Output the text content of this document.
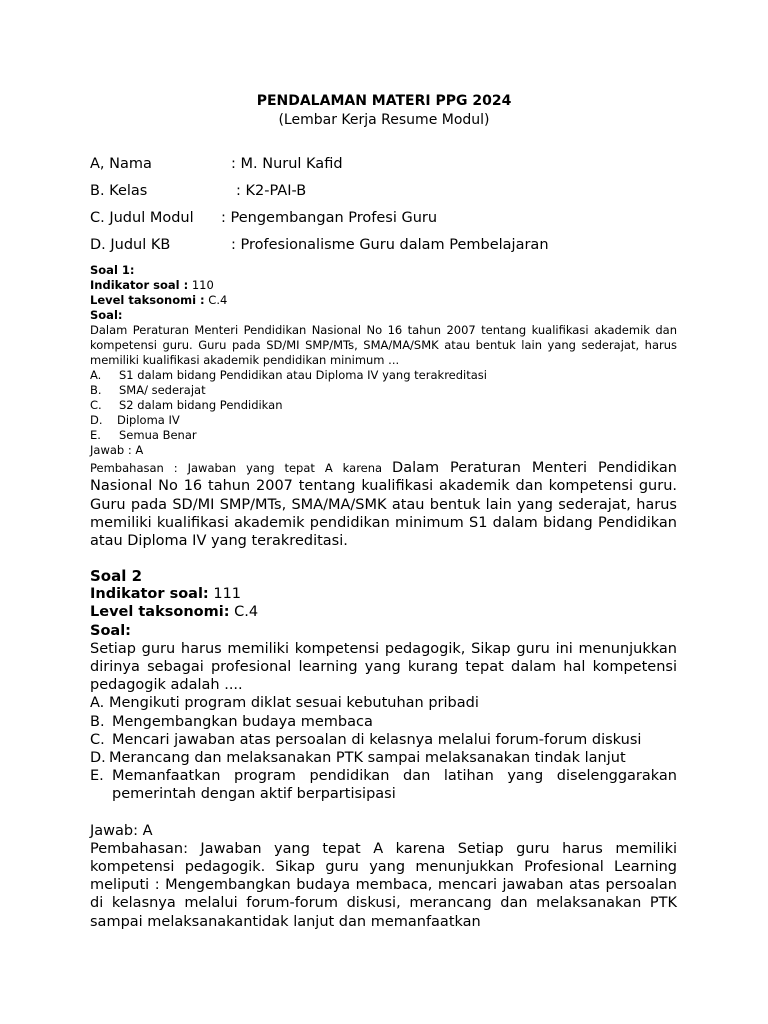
PENDALAMAN MATERI PPG 2024
(Lembar Kerja Resume Modul)
A, Nama	: M. Nurul Kafid
B. Kelas	: K2-PAI-B
C. Judul Modul : Pengembangan Profesi Guru
D. Judul KB	: Profesionalisme Guru dalam Pembelajaran
Soal 1:
Indikator soal : 110
Level taksonomi : C.4
Soal:
Dalam Peraturan Menteri Pendidikan Nasional No 16 tahun 2007 tentang kualifikasi akademik dan kompetensi guru. Guru pada SD/MI SMP/MTs, SMA/MA/SMK atau bentuk lain yang sederajat, harus memiliki kualifikasi akademik pendidikan minimum ...
A. S1 dalam bidang Pendidikan atau Diploma IV yang terakreditasi
B. SMA/ sederajat
C. S2 dalam bidang Pendidikan
D. Diploma IV
E. Semua Benar
Jawab : A
Pembahasan : Jawaban yang tepat A karena Dalam Peraturan Menteri Pendidikan Nasional No 16 tahun 2007 tentang kualifikasi akademik dan kompetensi guru. Guru pada SD/MI SMP/MTs, SMA/MA/SMK atau bentuk lain yang sederajat, harus memiliki kualifikasi akademik pendidikan minimum S1 dalam bidang Pendidikan atau Diploma IV yang terakreditasi.
Soal 2
Indikator soal: 111
Level taksonomi: C.4
Soal:
Setiap guru harus memiliki kompetensi pedagogik, Sikap guru ini menunjukkan dirinya sebagai profesional learning yang kurang tepat dalam hal kompetensi pedagogik adalah ....
A. Mengikuti program diklat sesuai kebutuhan pribadi
B. Mengembangkan budaya membaca
C. Mencari jawaban atas persoalan di kelasnya melalui forum-forum diskusi
D. Merancang dan melaksanakan PTK sampai melaksanakan tindak lanjut
E. Memanfaatkan program pendidikan dan latihan yang diselenggarakan pemerintah dengan aktif berpartisipasi
Jawab: A
Pembahasan: Jawaban yang tepat A karena Setiap guru harus memiliki kompetensi pedagogik. Sikap guru yang menunjukkan Profesional Learning meliputi : Mengembangkan budaya membaca, mencari jawaban atas persoalan di kelasnya melalui forum-forum diskusi, merancang dan melaksanakan PTK sampai melaksanakantidak lanjut dan memanfaatkan
